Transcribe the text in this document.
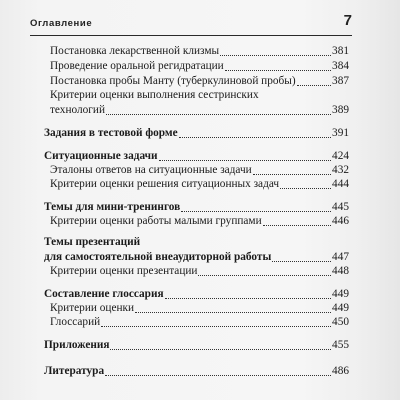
Оглавление	7
Постановка лекарственной клизмы	381
Проведение оральной регидратации	384
Постановка пробы Манту (туберкулиновой пробы)	387
Критерии оценки выполнения сестринских
технологий	389
Задания в тестовой форме	391
Ситуационные задачи	424
Эталоны ответов на ситуационные задачи	432
Критерии оценки решения ситуационных задач	444
Темы для мини-тренингов	445
Критерии оценки работы малыми группами	446
Темы презентаций
для самостоятельной внеаудиторной работы	447
Критерии оценки презентации	448
Составление глоссария	449
Критерии оценки	449
Глоссарий	450
Приложения	455
Литература	486
